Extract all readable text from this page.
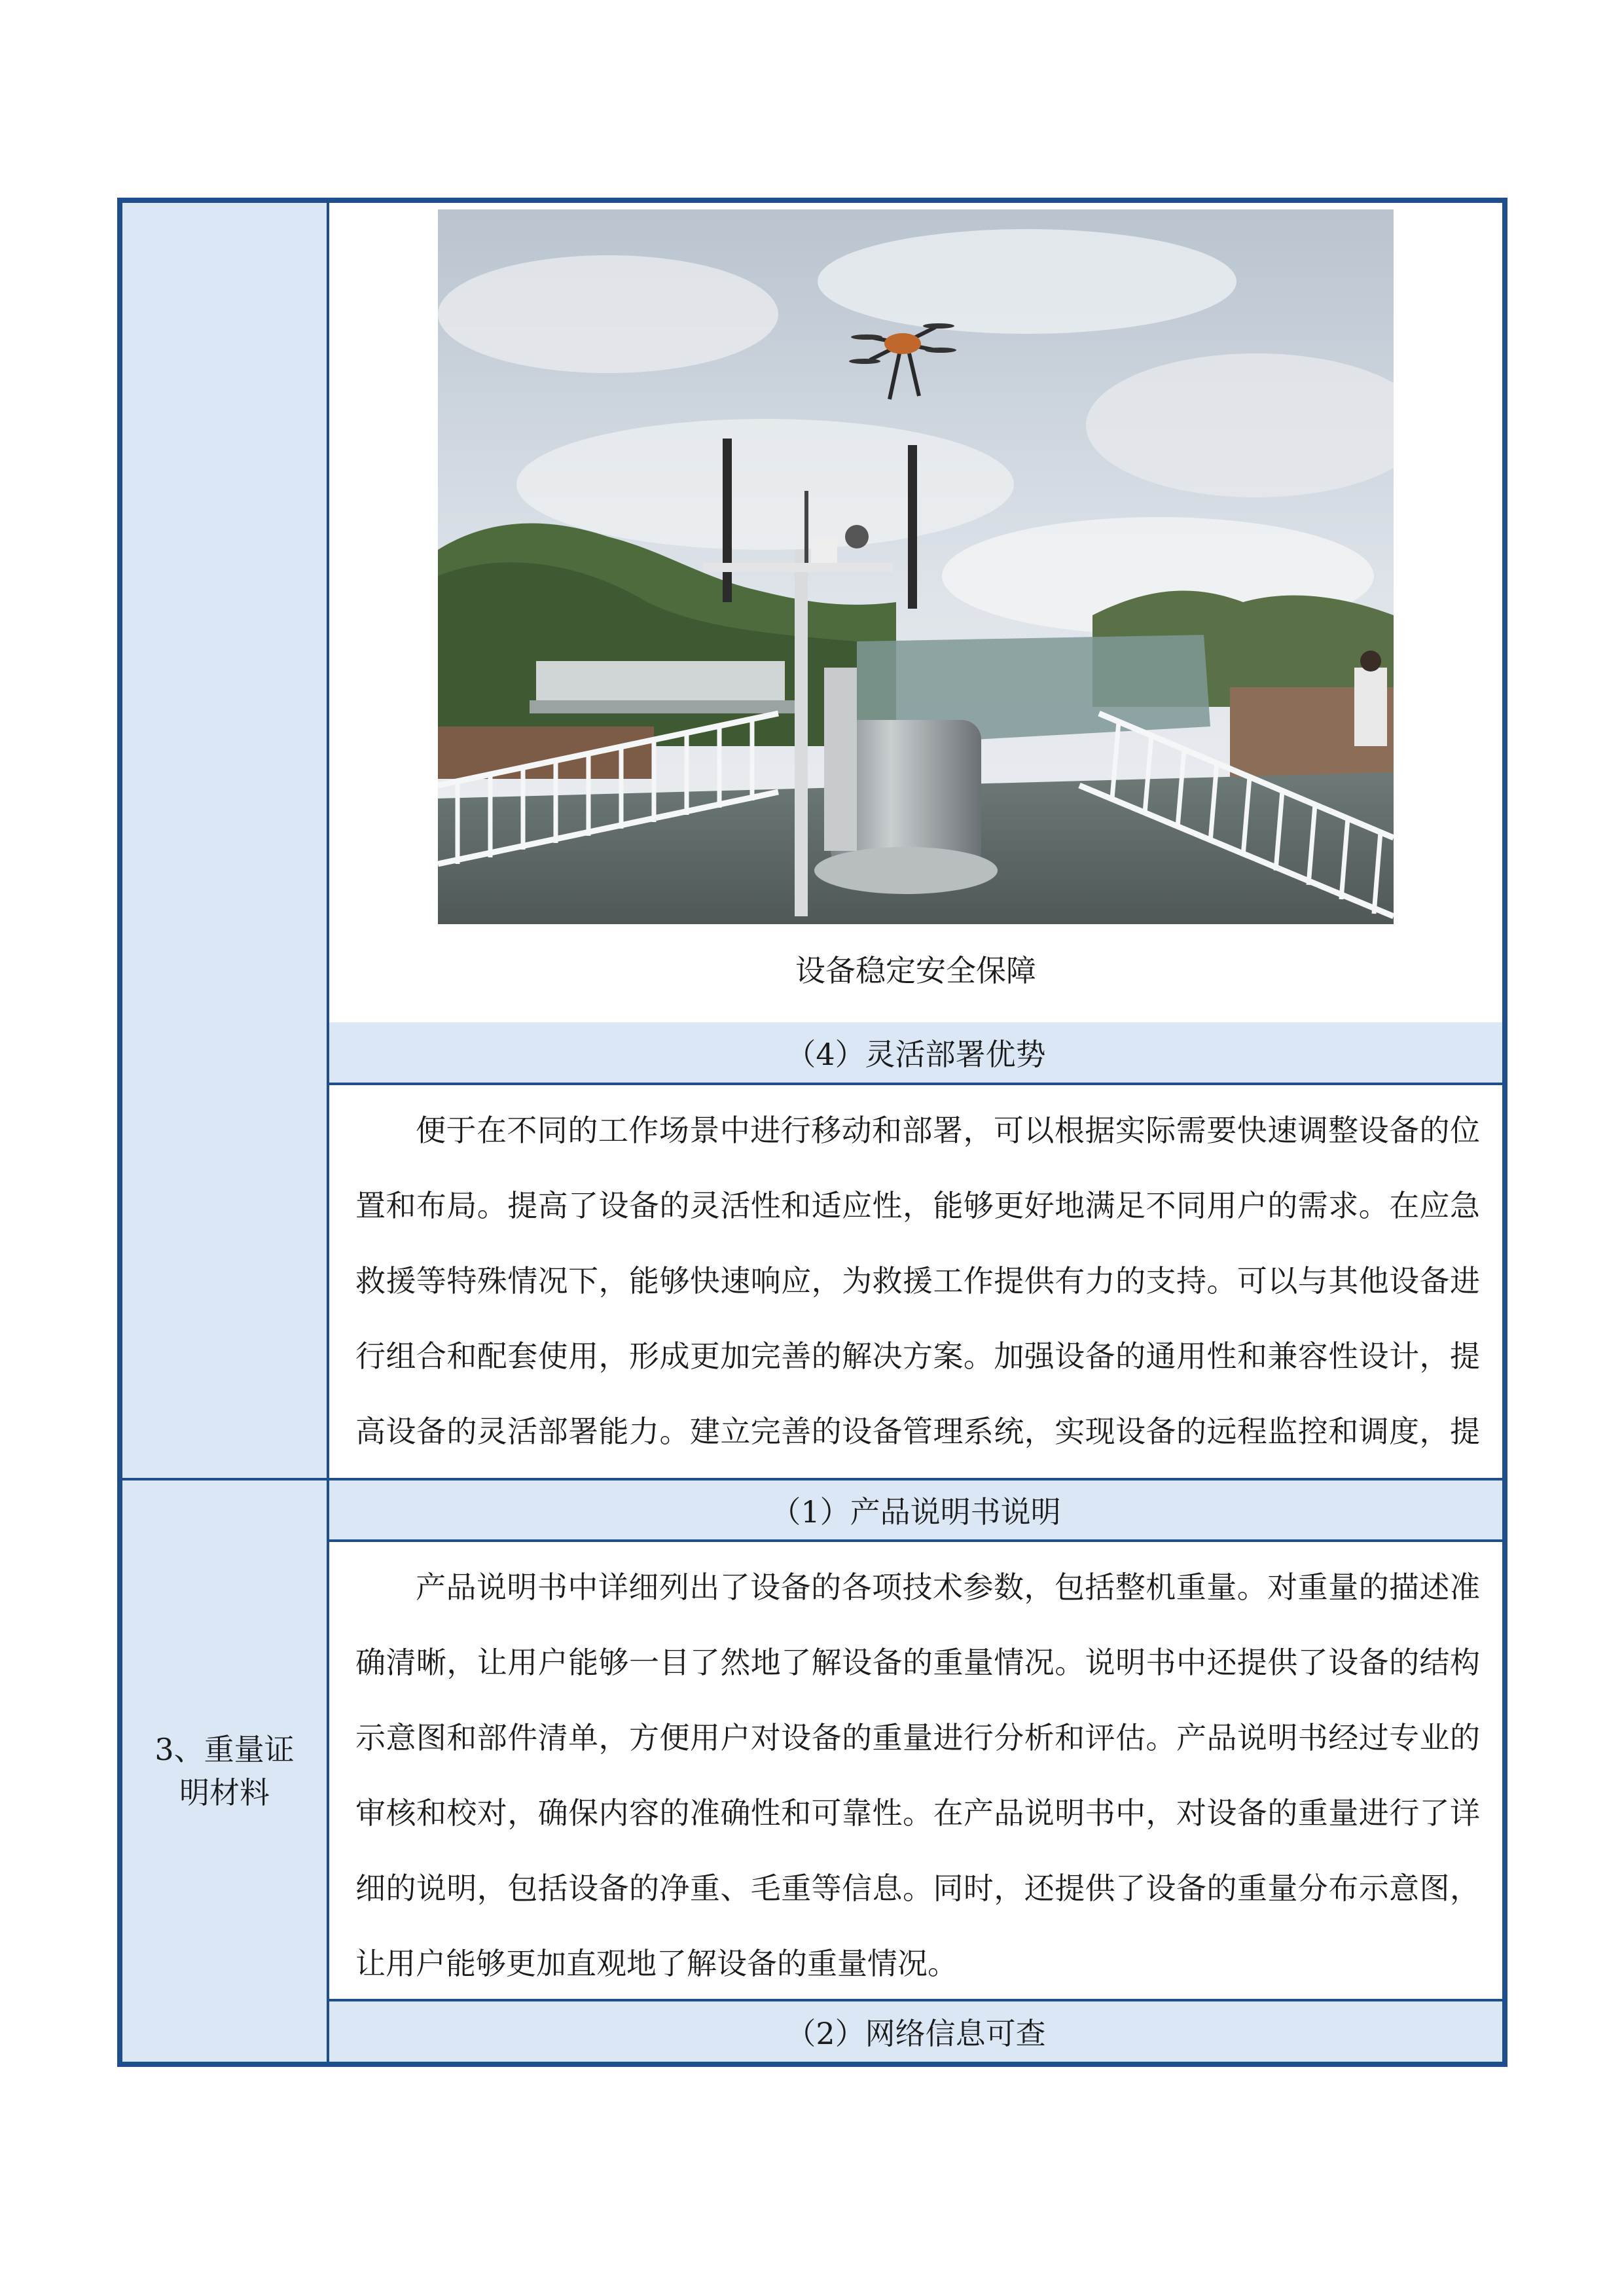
3、重量证明材料
设备稳定安全保障
（4）灵活部署优势

便于在不同的工作场景中进行移动和部署，可以根据实际需要快速调整设备的位置和布局。提高了设备的灵活性和适应性，能够更好地满足不同用户的需求。在应急救援等特殊情况下，能够快速响应，为救援工作提供有力的支持。可以与其他设备进行组合和配套使用，形成更加完善的解决方案。加强设备的通用性和兼容性设计，提高设备的灵活部署能力。建立完善的设备管理系统，实现设备的远程监控和调度，提

（1）产品说明书说明

产品说明书中详细列出了设备的各项技术参数，包括整机重量。对重量的描述准确清晰，让用户能够一目了然地了解设备的重量情况。说明书中还提供了设备的结构示意图和部件清单，方便用户对设备的重量进行分析和评估。产品说明书经过专业的审核和校对，确保内容的准确性和可靠性。在产品说明书中，对设备的重量进行了详细的说明，包括设备的净重、毛重等信息。同时，还提供了设备的重量分布示意图，让用户能够更加直观地了解设备的重量情况。

（2）网络信息可查
